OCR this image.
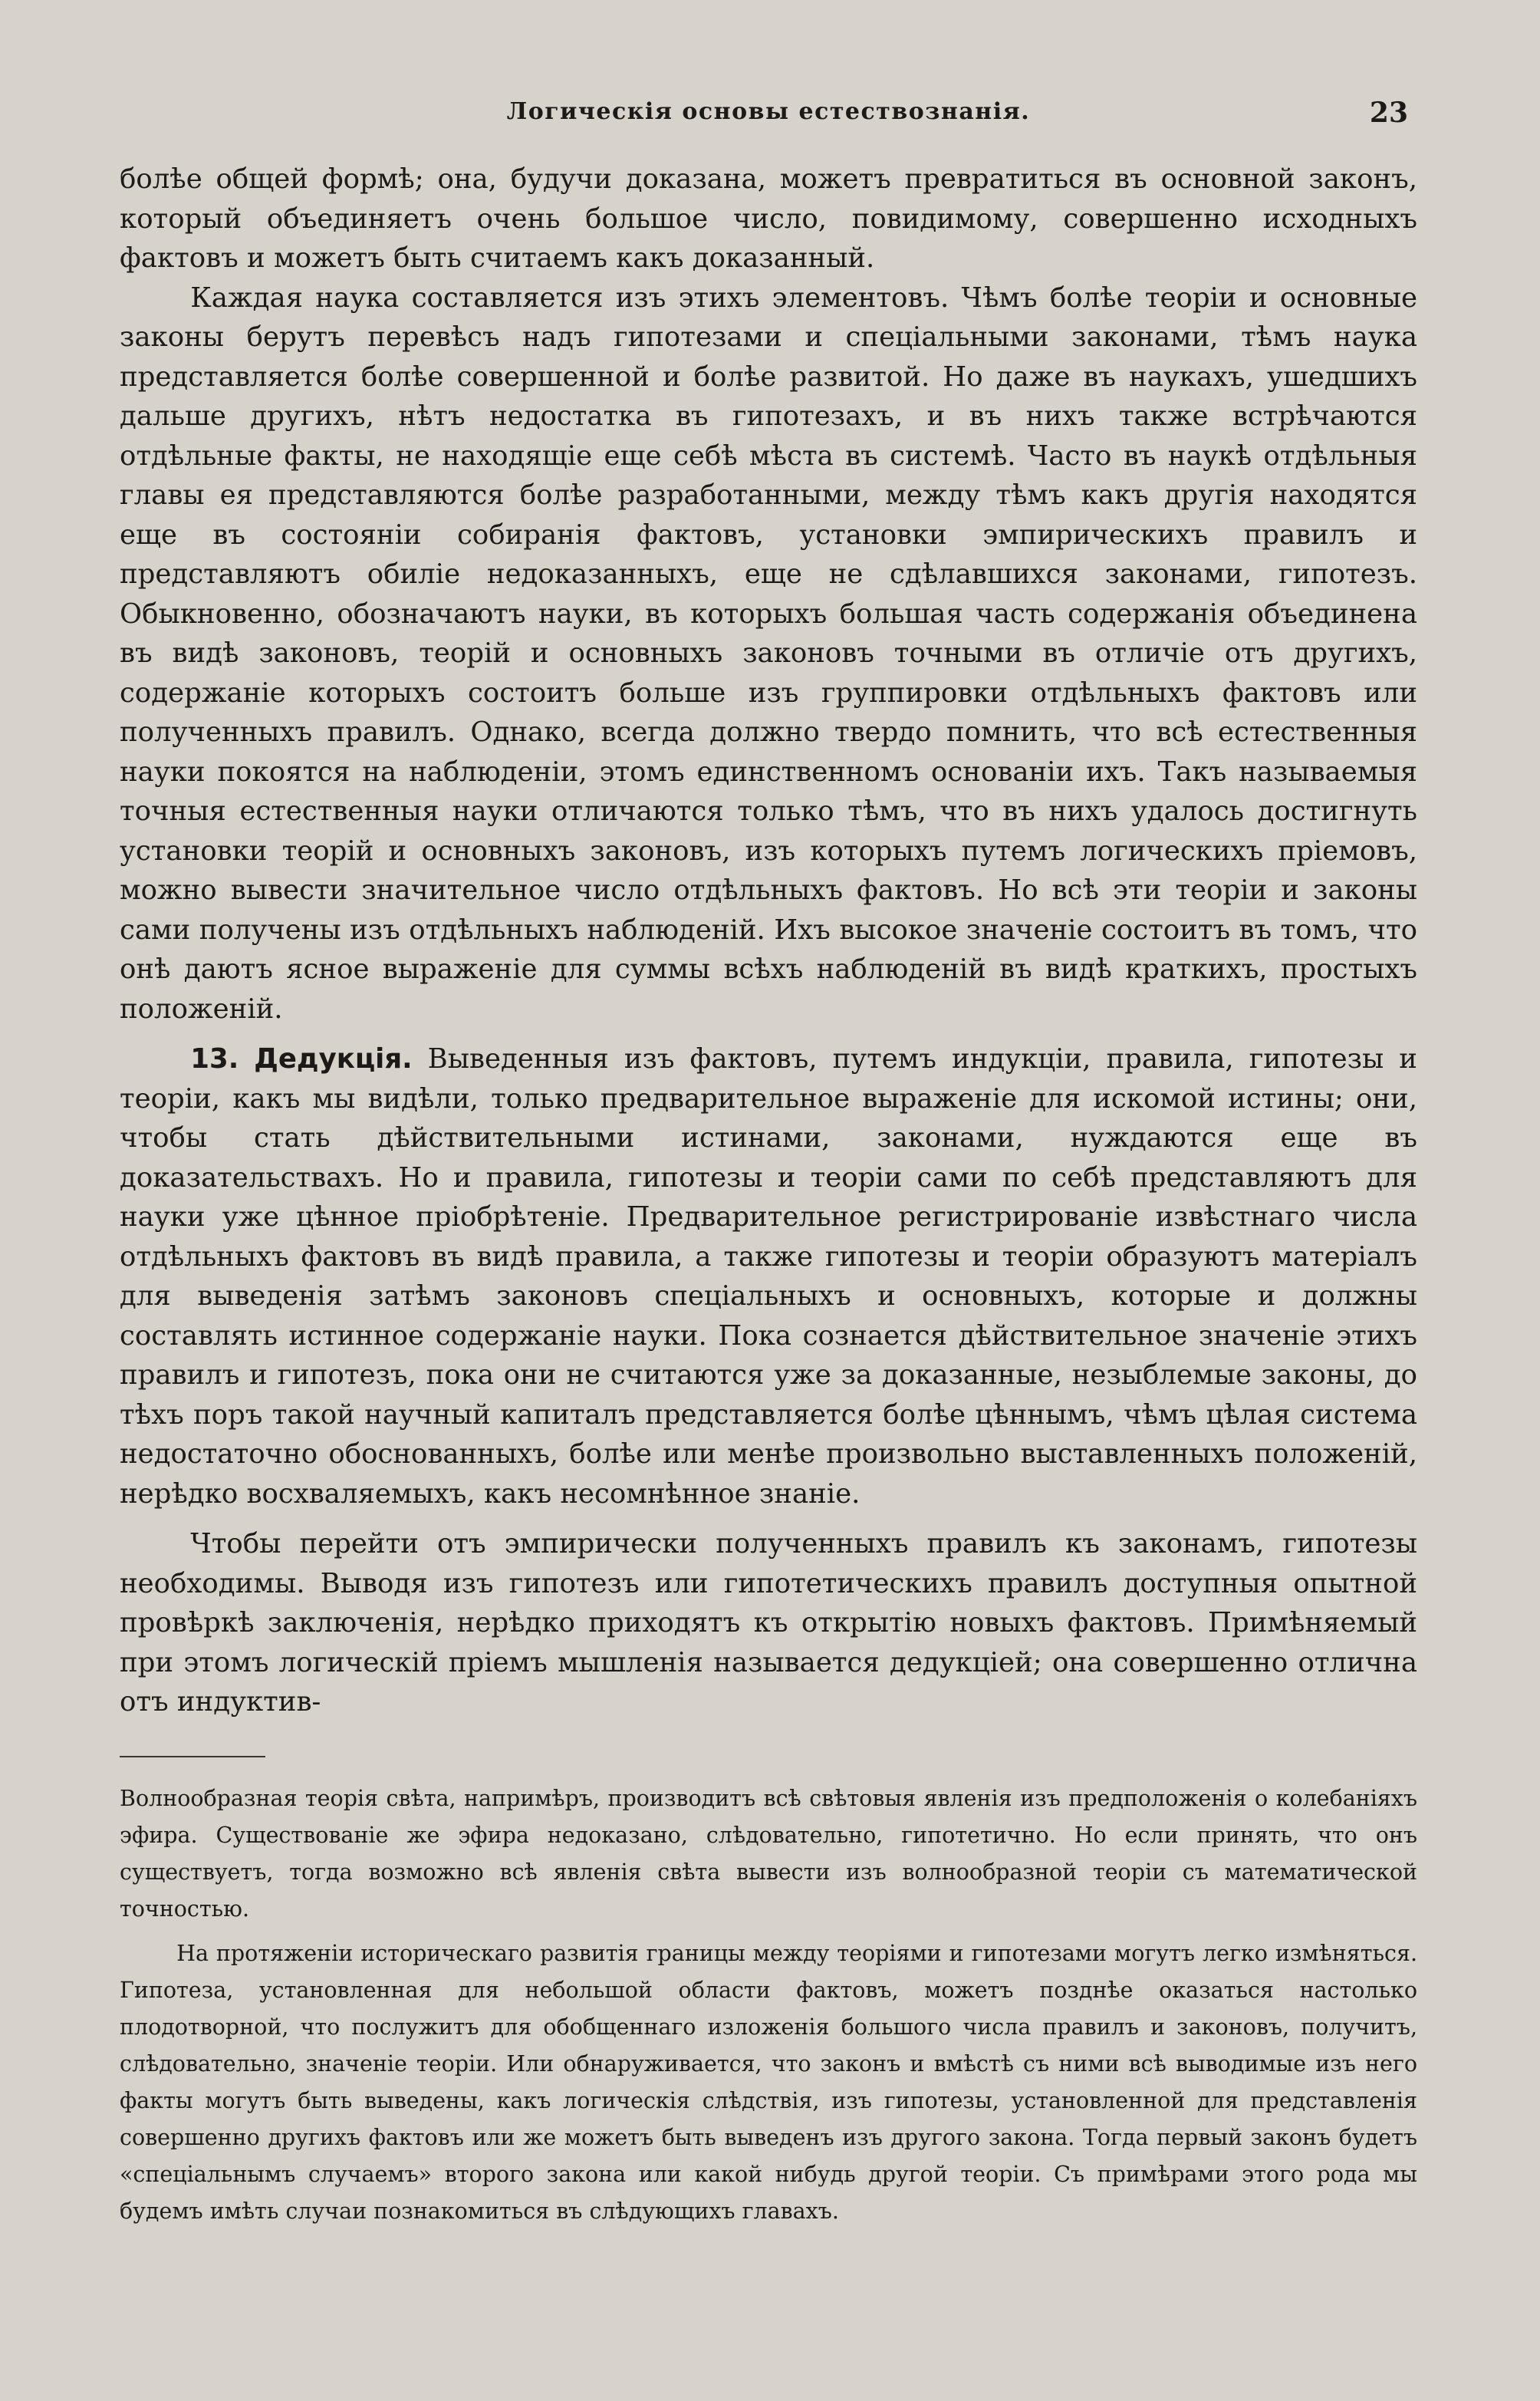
Логическія основы естествознанія.	23

болѣе общей формѣ; она, будучи доказана, можетъ превратиться въ основной законъ, который объединяетъ очень большое число, повидимому, совершенно исходныхъ фактовъ и можетъ быть считаемъ какъ доказанный.

Каждая наука составляется изъ этихъ элементовъ. Чѣмъ болѣе теоріи и основные законы берутъ перевѣсъ надъ гипотезами и спеціальными законами, тѣмъ наука представляется болѣе совершенной и болѣе развитой. Но даже въ наукахъ, ушедшихъ дальше другихъ, нѣтъ недостатка въ гипотезахъ, и въ нихъ также встрѣчаются отдѣльные факты, не находящіе еще себѣ мѣста въ системѣ. Часто въ наукѣ отдѣльныя главы ея представляются болѣе разработанными, между тѣмъ какъ другія находятся еще въ состояніи собиранія фактовъ, установки эмпирическихъ правилъ и представляютъ обиліе недоказанныхъ, еще не сдѣлавшихся законами, гипотезъ. Обыкновенно, обозначаютъ науки, въ которыхъ большая часть содержанія объединена въ видѣ законовъ, теорій и основныхъ законовъ точными въ отличіе отъ другихъ, содержаніе которыхъ состоитъ больше изъ группировки отдѣльныхъ фактовъ или полученныхъ правилъ. Однако, всегда должно твердо помнить, что всѣ естественныя науки покоятся на наблюденіи, этомъ единственномъ основаніи ихъ. Такъ называемыя точныя естественныя науки отличаются только тѣмъ, что въ нихъ удалось достигнуть установки теорій и основныхъ законовъ, изъ которыхъ путемъ логическихъ пріемовъ, можно вывести значительное число отдѣльныхъ фактовъ. Но всѣ эти теоріи и законы сами получены изъ отдѣльныхъ наблюденій. Ихъ высокое значеніе состоитъ въ томъ, что онѣ даютъ ясное выраженіе для суммы всѣхъ наблюденій въ видѣ краткихъ, простыхъ положеній.

13. Дедукція. Выведенныя изъ фактовъ, путемъ индукціи, правила, гипотезы и теоріи, какъ мы видѣли, только предварительное выраженіе для искомой истины; они, чтобы стать дѣйствительными истинами, законами, нуждаются еще въ доказательствахъ. Но и правила, гипотезы и теоріи сами по себѣ представляютъ для науки уже цѣнное пріобрѣтеніе. Предварительное регистрированіе извѣстнаго числа отдѣльныхъ фактовъ въ видѣ правила, а также гипотезы и теоріи образуютъ матеріалъ для выведенія затѣмъ законовъ спеціальныхъ и основныхъ, которые и должны составлять истинное содержаніе науки. Пока сознается дѣйствительное значеніе этихъ правилъ и гипотезъ, пока они не считаются уже за доказанные, незыблемые законы, до тѣхъ поръ такой научный капиталъ представляется болѣе цѣннымъ, чѣмъ цѣлая система недостаточно обоснованныхъ, болѣе или менѣе произвольно выставленныхъ положеній, нерѣдко восхваляемыхъ, какъ несомнѣнное знаніе.

Чтобы перейти отъ эмпирически полученныхъ правилъ къ законамъ, гипотезы необходимы. Выводя изъ гипотезъ или гипотетическихъ правилъ доступныя опытной провѣркѣ заключенія, нерѣдко приходятъ къ открытію новыхъ фактовъ. Примѣняемый при этомъ логическій пріемъ мышленія называется дедукціей; она совершенно отлична отъ индуктив-

Волнообразная теорія свѣта, напримѣръ, производитъ всѣ свѣтовыя явленія изъ предположенія о колебаніяхъ эфира. Существованіе же эфира недоказано, слѣдовательно, гипотетично. Но если принять, что онъ существуетъ, тогда возможно всѣ явленія свѣта вывести изъ волнообразной теоріи съ математической точностью.

На протяженіи историческаго развитія границы между теоріями и гипотезами могутъ легко измѣняться. Гипотеза, установленная для небольшой области фактовъ, можетъ позднѣе оказаться настолько плодотворной, что послужитъ для обобщеннаго изложенія большого числа правилъ и законовъ, получитъ, слѣдовательно, значеніе теоріи. Или обнаруживается, что законъ и вмѣстѣ съ ними всѣ выводимые изъ него факты могутъ быть выведены, какъ логическія слѣдствія, изъ гипотезы, установленной для представленія совершенно другихъ фактовъ или же можетъ быть выведенъ изъ другого закона. Тогда первый законъ будетъ «спеціальнымъ случаемъ» второго закона или какой нибудь другой теоріи. Съ примѣрами этого рода мы будемъ имѣть случаи познакомиться въ слѣдующихъ главахъ.
